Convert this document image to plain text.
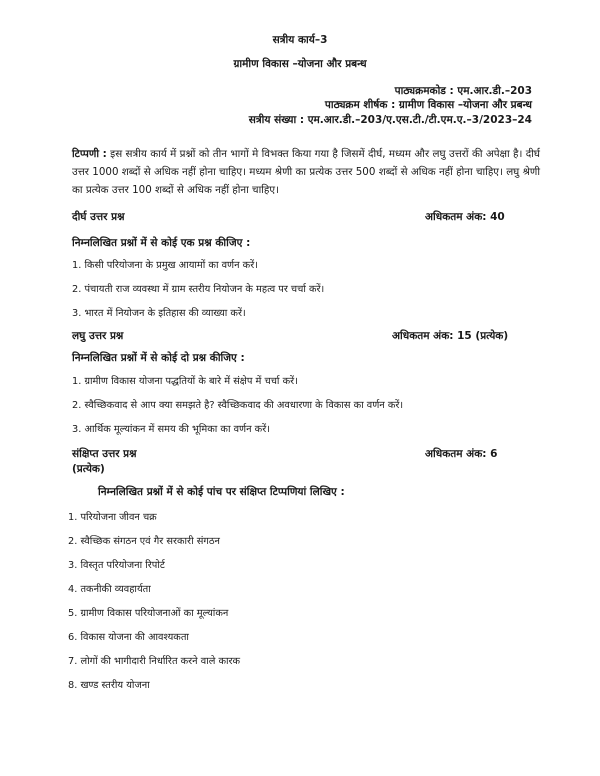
सत्रीय कार्य–3
ग्रामीण विकास –योजना और प्रबन्ध
पाठ्यक्रमकोड : एम.आर.डी.–203
पाठ्यक्रम शीर्षक : ग्रामीण विकास –योजना और प्रबन्ध
सत्रीय संख्या : एम.आर.डी.–203/ए.एस.टी./टी.एम.ए.–3/2023–24
टिप्पणी : इस सत्रीय कार्य में प्रश्नों को तीन भागों मे विभक्त किया गया है जिसमें दीर्घ, मध्यम और लघु उत्तरों की अपेक्षा है। दीर्घ उत्तर 1000 शब्दों से अधिक नहीं होना चाहिए। मध्यम श्रेणी का प्रत्येक उत्तर 500 शब्दों से अधिक नहीं होना चाहिए। लघु श्रेणी का प्रत्येक उत्तर 100 शब्दों से अधिक नहीं होना चाहिए।
दीर्घ उत्तर प्रश्न	अधिकतम अंक: 40
निम्नलिखित प्रश्नों में से कोई एक प्रश्न कीजिए :
1. किसी परियोजना के प्रमुख आयामों का वर्णन करें।
2. पंचायती राज व्यवस्था में ग्राम स्तरीय नियोजन के महत्व पर चर्चा करें।
3. भारत में नियोजन के इतिहास की व्याख्या करें।
लघु उत्तर प्रश्न	अधिकतम अंक: 15 (प्रत्येक)
निम्नलिखित प्रश्नों में से कोई दो प्रश्न कीजिए :
1. ग्रामीण विकास योजना पद्धतियों के बारे में संक्षेप में चर्चा करें।
2. स्वैच्छिकवाद से आप क्या समझते है? स्वैच्छिकवाद की अवधारणा के विकास का वर्णन करें।
3. आर्थिक मूल्यांकन में समय की भूमिका का वर्णन करें।
संक्षिप्त उत्तर प्रश्न	अधिकतम अंक: 6
(प्रत्येक)
निम्नलिखित प्रश्नों में से कोई पांच पर संक्षिप्त टिप्पणियां लिखिए :
1. परियोजना जीवन चक्र
2. स्वैच्छिक संगठन एवं गैर सरकारी संगठन
3. विस्तृत परियोजना रिपोर्ट
4. तकनीकी व्यवहार्यता
5. ग्रामीण विकास परियोजनाओं का मूल्यांकन
6. विकास योजना की आवश्यकता
7. लोगों की भागीदारी निर्धारित करने वाले कारक
8. खण्ड स्तरीय योजना
